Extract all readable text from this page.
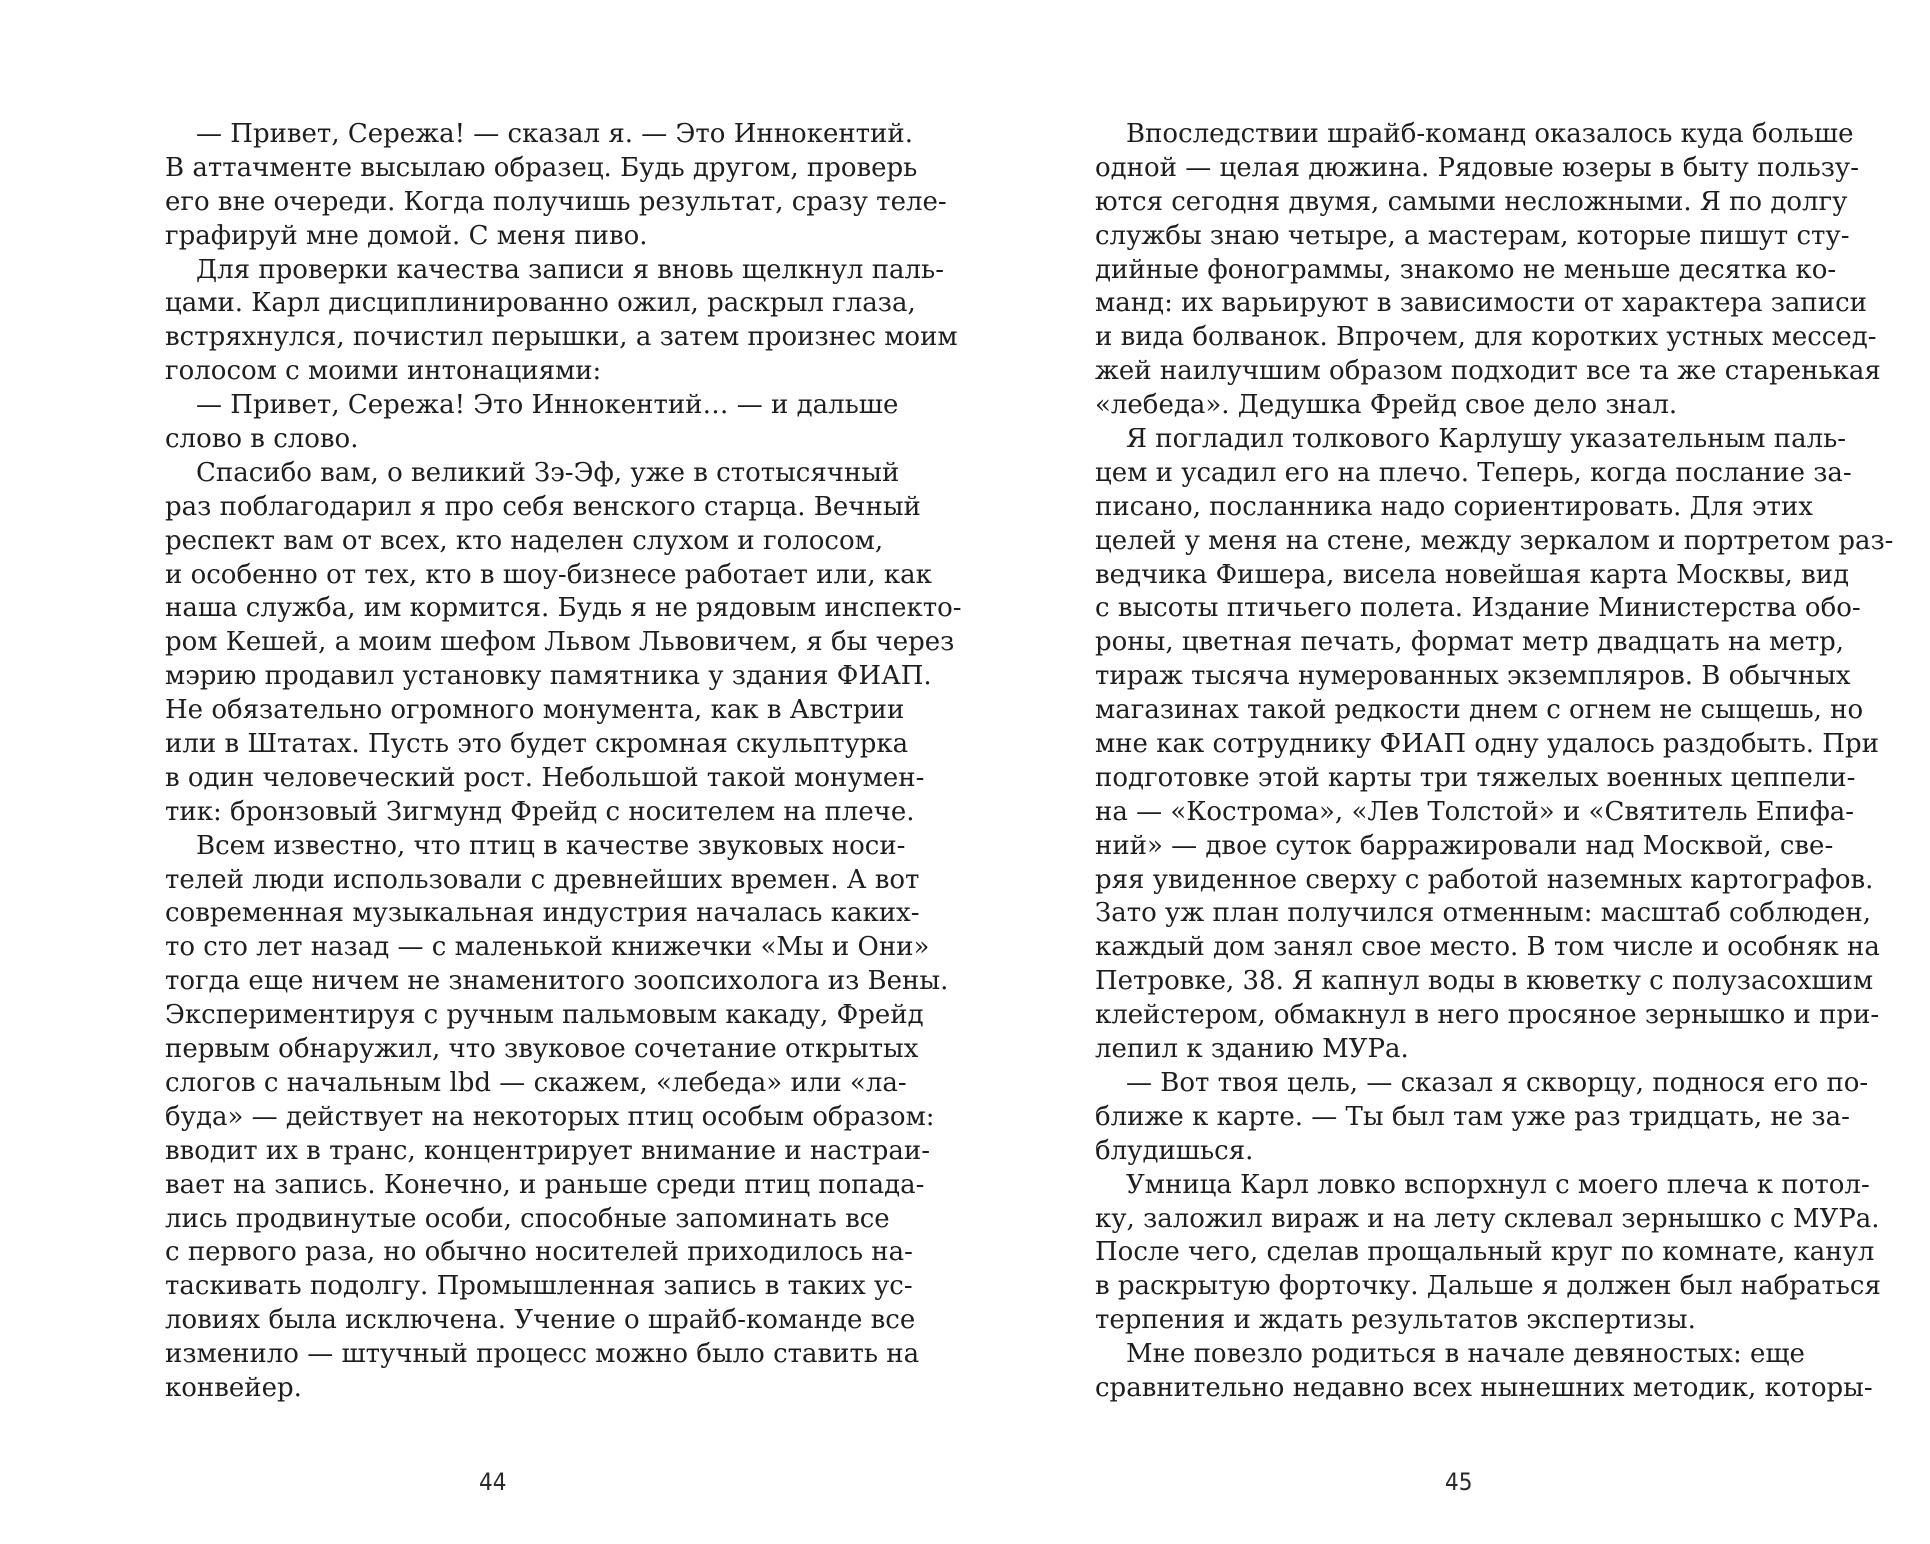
— Привет, Сережа! — сказал я. — Это Иннокентий.
В аттачменте высылаю образец. Будь другом, проверь
его вне очереди. Когда получишь результат, сразу теле-
графируй мне домой. С меня пиво.
Для проверки качества записи я вновь щелкнул паль-
цами. Карл дисциплинированно ожил, раскрыл глаза,
встряхнулся, почистил перышки, а затем произнес моим
голосом с моими интонациями:
— Привет, Сережа! Это Иннокентий… — и дальше
слово в слово.
Спасибо вам, о великий Зэ-Эф, уже в стотысячный
раз поблагодарил я про себя венского старца. Вечный
респект вам от всех, кто наделен слухом и голосом,
и особенно от тех, кто в шоу-бизнесе работает или, как
наша служба, им кормится. Будь я не рядовым инспекто-
ром Кешей, а моим шефом Львом Львовичем, я бы через
мэрию продавил установку памятника у здания ФИАП.
Не обязательно огромного монумента, как в Австрии
или в Штатах. Пусть это будет скромная скульптурка
в один человеческий рост. Небольшой такой монумен-
тик: бронзовый Зигмунд Фрейд с носителем на плече.
Всем известно, что птиц в качестве звуковых носи-
телей люди использовали с древнейших времен. А вот
современная музыкальная индустрия началась каких-
то сто лет назад — с маленькой книжечки «Мы и Они»
тогда еще ничем не знаменитого зоопсихолога из Вены.
Экспериментируя с ручным пальмовым какаду, Фрейд
первым обнаружил, что звуковое сочетание открытых
слогов с начальным lbd — скажем, «лебеда» или «ла-
буда» — действует на некоторых птиц особым образом:
вводит их в транс, концентрирует внимание и настраи-
вает на запись. Конечно, и раньше среди птиц попада-
лись продвинутые особи, способные запоминать все
с первого раза, но обычно носителей приходилось на-
таскивать подолгу. Промышленная запись в таких ус-
ловиях была исключена. Учение о шрайб-команде все
изменило — штучный процесс можно было ставить на
конвейер.
44
Впоследствии шрайб-команд оказалось куда больше
одной — целая дюжина. Рядовые юзеры в быту пользу-
ются сегодня двумя, самыми несложными. Я по долгу
службы знаю четыре, а мастерам, которые пишут сту-
дийные фонограммы, знакомо не меньше десятка ко-
манд: их варьируют в зависимости от характера записи
и вида болванок. Впрочем, для коротких устных мессед-
жей наилучшим образом подходит все та же старенькая
«лебеда». Дедушка Фрейд свое дело знал.
Я погладил толкового Карлушу указательным паль-
цем и усадил его на плечо. Теперь, когда послание за-
писано, посланника надо сориентировать. Для этих
целей у меня на стене, между зеркалом и портретом раз-
ведчика Фишера, висела новейшая карта Москвы, вид
с высоты птичьего полета. Издание Министерства обо-
роны, цветная печать, формат метр двадцать на метр,
тираж тысяча нумерованных экземпляров. В обычных
магазинах такой редкости днем с огнем не сыщешь, но
мне как сотруднику ФИАП одну удалось раздобыть. При
подготовке этой карты три тяжелых военных цеппели-
на — «Кострома», «Лев Толстой» и «Святитель Епифа-
ний» — двое суток барражировали над Москвой, све-
ряя увиденное сверху с работой наземных картографов.
Зато уж план получился отменным: масштаб соблюден,
каждый дом занял свое место. В том числе и особняк на
Петровке, 38. Я капнул воды в кюветку с полузасохшим
клейстером, обмакнул в него просяное зернышко и при-
лепил к зданию МУРа.
— Вот твоя цель, — сказал я скворцу, поднося его по-
ближе к карте. — Ты был там уже раз тридцать, не за-
блудишься.
Умница Карл ловко вспорхнул с моего плеча к потол-
ку, заложил вираж и на лету склевал зернышко с МУРа.
После чего, сделав прощальный круг по комнате, канул
в раскрытую форточку. Дальше я должен был набраться
терпения и ждать результатов экспертизы.
Мне повезло родиться в начале девяностых: еще
сравнительно недавно всех нынешних методик, которы-
45
